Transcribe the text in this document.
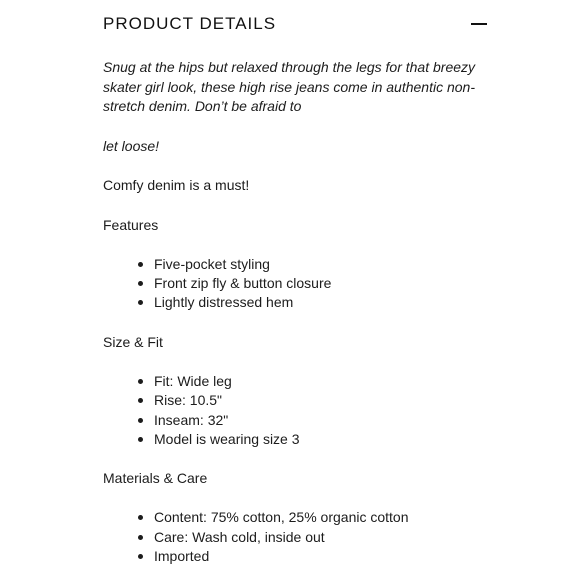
PRODUCT DETAILS

Snug at the hips but relaxed through the legs for that breezy skater girl look, these high rise jeans come in authentic non-stretch denim. Don’t be afraid to

let loose!

Comfy denim is a must!

Features

Five-pocket styling
Front zip fly & button closure
Lightly distressed hem

Size & Fit

Fit: Wide leg
Rise: 10.5"
Inseam: 32"
Model is wearing size 3

Materials & Care

Content: 75% cotton, 25% organic cotton
Care: Wash cold, inside out
Imported
